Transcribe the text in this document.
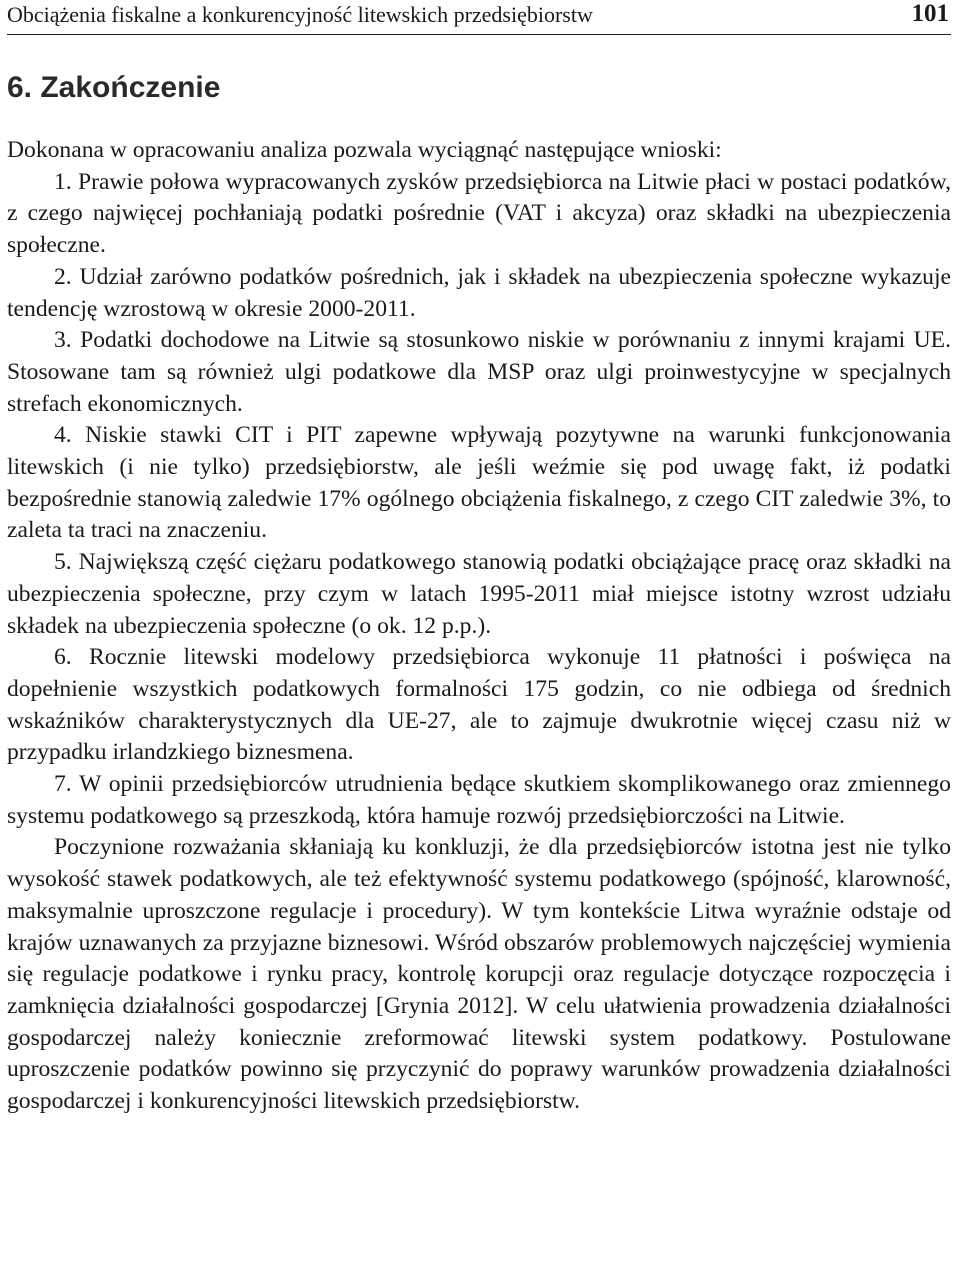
Obciążenia fiskalne a konkurencyjność litewskich przedsiębiorstw	101
6. Zakończenie

Dokonana w opracowaniu analiza pozwala wyciągnąć następujące wnioski:

1. Prawie połowa wypracowanych zysków przedsiębiorca na Litwie płaci w postaci podatków, z czego najwięcej pochłaniają podatki pośrednie (VAT i akcyza) oraz składki na ubezpieczenia społeczne.

2. Udział zarówno podatków pośrednich, jak i składek na ubezpieczenia społeczne wykazuje tendencję wzrostową w okresie 2000-2011.

3. Podatki dochodowe na Litwie są stosunkowo niskie w porównaniu z innymi krajami UE. Stosowane tam są również ulgi podatkowe dla MSP oraz ulgi proinwestycyjne w specjalnych strefach ekonomicznych.

4. Niskie stawki CIT i PIT zapewne wpływają pozytywne na warunki funkcjonowania litewskich (i nie tylko) przedsiębiorstw, ale jeśli weźmie się pod uwagę fakt, iż podatki bezpośrednie stanowią zaledwie 17% ogólnego obciążenia fiskalnego, z czego CIT zaledwie 3%, to zaleta ta traci na znaczeniu.

5. Największą część ciężaru podatkowego stanowią podatki obciążające pracę oraz składki na ubezpieczenia społeczne, przy czym w latach 1995-2011 miał miejsce istotny wzrost udziału składek na ubezpieczenia społeczne (o ok. 12 p.p.).

6. Rocznie litewski modelowy przedsiębiorca wykonuje 11 płatności i poświęca na dopełnienie wszystkich podatkowych formalności 175 godzin, co nie odbiega od średnich wskaźników charakterystycznych dla UE-27, ale to zajmuje dwukrotnie więcej czasu niż w przypadku irlandzkiego biznesmena.

7. W opinii przedsiębiorców utrudnienia będące skutkiem skomplikowanego oraz zmiennego systemu podatkowego są przeszkodą, która hamuje rozwój przedsiębiorczości na Litwie.

Poczynione rozważania skłaniają ku konkluzji, że dla przedsiębiorców istotna jest nie tylko wysokość stawek podatkowych, ale też efektywność systemu podatkowego (spójność, klarowność, maksymalnie uproszczone regulacje i procedury). W tym kontekście Litwa wyraźnie odstaje od krajów uznawanych za przyjazne biznesowi. Wśród obszarów problemowych najczęściej wymienia się regulacje podatkowe i rynku pracy, kontrolę korupcji oraz regulacje dotyczące rozpoczęcia i zamknięcia działalności gospodarczej [Grynia 2012]. W celu ułatwienia prowadzenia działalności gospodarczej należy koniecznie zreformować litewski system podatkowy. Postulowane uproszczenie podatków powinno się przyczynić do poprawy warunków prowadzenia działalności gospodarczej i konkurencyjności litewskich przedsiębiorstw.
